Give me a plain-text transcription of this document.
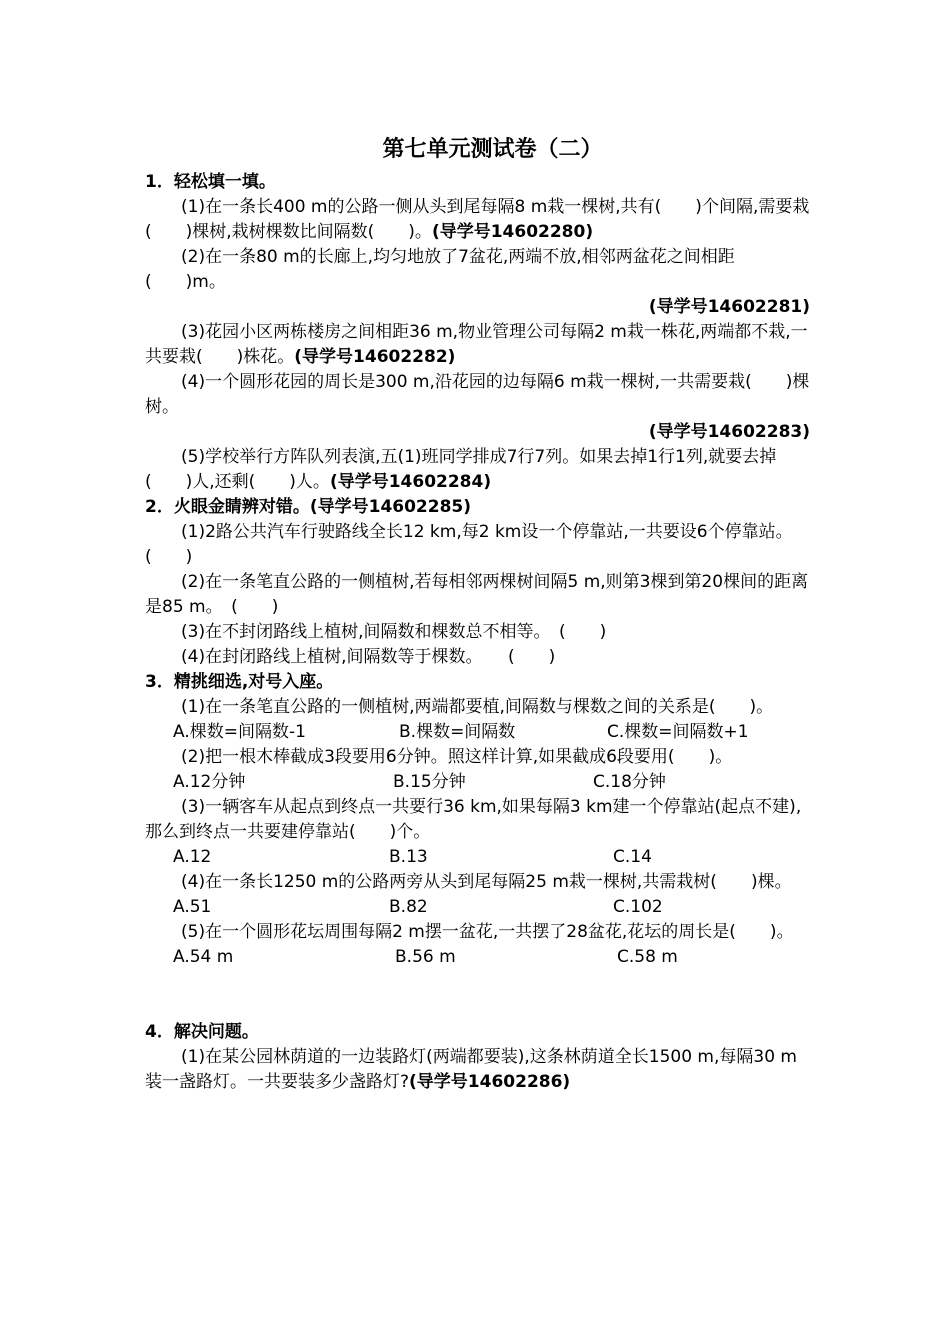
第七单元测试卷（二）

1．轻松填一填。

(1)在一条长400 m的公路一侧从头到尾每隔8 m栽一棵树,共有(　　)个间隔,需要栽(　　)棵树,栽树棵数比间隔数(　　)。(导学号14602280)

(2)在一条80 m的长廊上,均匀地放了7盆花,两端不放,相邻两盆花之间相距(　　)m。

(导学号14602281)

(3)花园小区两栋楼房之间相距36 m,物业管理公司每隔2 m栽一株花,两端都不栽,一共要栽(　　)株花。(导学号14602282)

(4)一个圆形花园的周长是300 m,沿花园的边每隔6 m栽一棵树,一共需要栽(　　)棵树。

(导学号14602283)

(5)学校举行方阵队列表演,五(1)班同学排成7行7列。如果去掉1行1列,就要去掉(　　)人,还剩(　　)人。(导学号14602284)

2．火眼金睛辨对错。(导学号14602285)

(1)2路公共汽车行驶路线全长12 km,每2 km设一个停靠站,一共要设6个停靠站。(　　)

(2)在一条笔直公路的一侧植树,若每相邻两棵树间隔5 m,则第3棵到第20棵间的距离是85 m。　(　　)

(3)在不封闭路线上植树,间隔数和棵数总不相等。　(　　)

(4)在封闭路线上植树,间隔数等于棵数。　　(　　)

3．精挑细选,对号入座。

(1)在一条笔直公路的一侧植树,两端都要植,间隔数与棵数之间的关系是(　　)。

A.棵数=间隔数-1	B.棵数=间隔数	C.棵数=间隔数+1

(2)把一根木棒截成3段要用6分钟。照这样计算,如果截成6段要用(　　)。

A.12分钟	B.15分钟	C.18分钟

(3)一辆客车从起点到终点一共要行36 km,如果每隔3 km建一个停靠站(起点不建),那么到终点一共要建停靠站(　　)个。

A.12	B.13	C.14

(4)在一条长1250 m的公路两旁从头到尾每隔25 m栽一棵树,共需栽树(　　)棵。

A.51	B.82	C.102

(5)在一个圆形花坛周围每隔2 m摆一盆花,一共摆了28盆花,花坛的周长是(　　)。

A.54 m	B.56 m	C.58 m

4．解决问题。

(1)在某公园林荫道的一边装路灯(两端都要装),这条林荫道全长1500 m,每隔30 m装一盏路灯。一共要装多少盏路灯?(导学号14602286)
